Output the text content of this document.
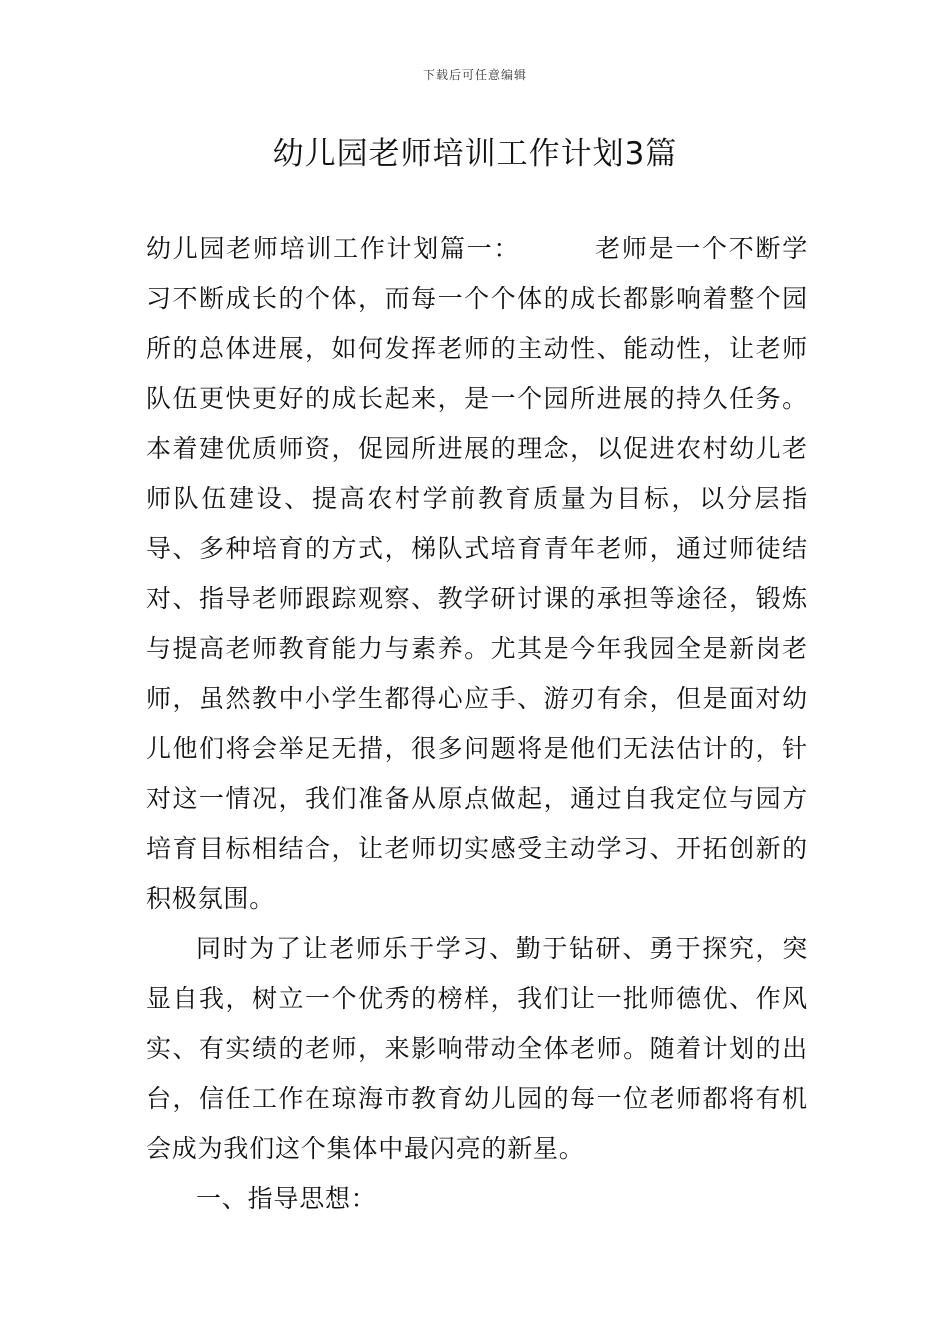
下载后可任意编辑
幼儿园老师培训工作计划3篇

幼儿园老师培训工作计划篇一：	老师是一个不断学习不断成长的个体，而每一个个体的成长都影响着整个园所的总体进展，如何发挥老师的主动性、能动性，让老师队伍更快更好的成长起来，是一个园所进展的持久任务。本着建优质师资，促园所进展的理念，以促进农村幼儿老师队伍建设、提高农村学前教育质量为目标，以分层指导、多种培育的方式，梯队式培育青年老师，通过师徒结对、指导老师跟踪观察、教学研讨课的承担等途径，锻炼与提高老师教育能力与素养。尤其是今年我园全是新岗老师，虽然教中小学生都得心应手、游刃有余，但是面对幼儿他们将会举足无措，很多问题将是他们无法估计的，针对这一情况，我们准备从原点做起，通过自我定位与园方培育目标相结合，让老师切实感受主动学习、开拓创新的积极氛围。

同时为了让老师乐于学习、勤于钻研、勇于探究，突显自我，树立一个优秀的榜样，我们让一批师德优、作风实、有实绩的老师，来影响带动全体老师。随着计划的出台，信任工作在琼海市教育幼儿园的每一位老师都将有机会成为我们这个集体中最闪亮的新星。

一、指导思想：
